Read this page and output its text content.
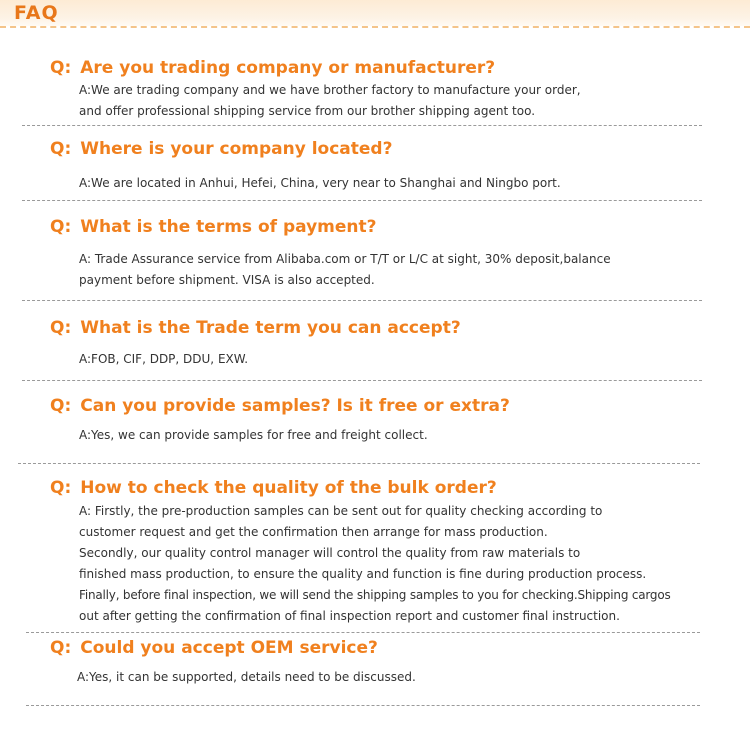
FAQ
Q: Are you trading company or manufacturer?

A:We are trading company and we have brother factory to manufacture your order,
and offer professional shipping service from our brother shipping agent too.

Q: Where is your company located?

A:We are located in Anhui, Hefei, China, very near to Shanghai and Ningbo port.

Q: What is the terms of payment?

A: Trade Assurance service from Alibaba.com or T/T or L/C at sight, 30% deposit,balance
payment before shipment. VISA is also accepted.

Q: What is the Trade term you can accept?

A:FOB, CIF, DDP, DDU, EXW.

Q: Can you provide samples? Is it free or extra?

A:Yes, we can provide samples for free and freight collect.

Q: How to check the quality of the bulk order?

A: Firstly, the pre-production samples can be sent out for quality checking according to
customer request and get the confirmation then arrange for mass production.
Secondly, our quality control manager will control the quality from raw materials to
finished mass production, to ensure the quality and function is fine during production process.
Finally, before final inspection, we will send the shipping samples to you for checking.Shipping cargos
out after getting the confirmation of final inspection report and customer final instruction.

Q: Could you accept OEM service?

A:Yes, it can be supported, details need to be discussed.
